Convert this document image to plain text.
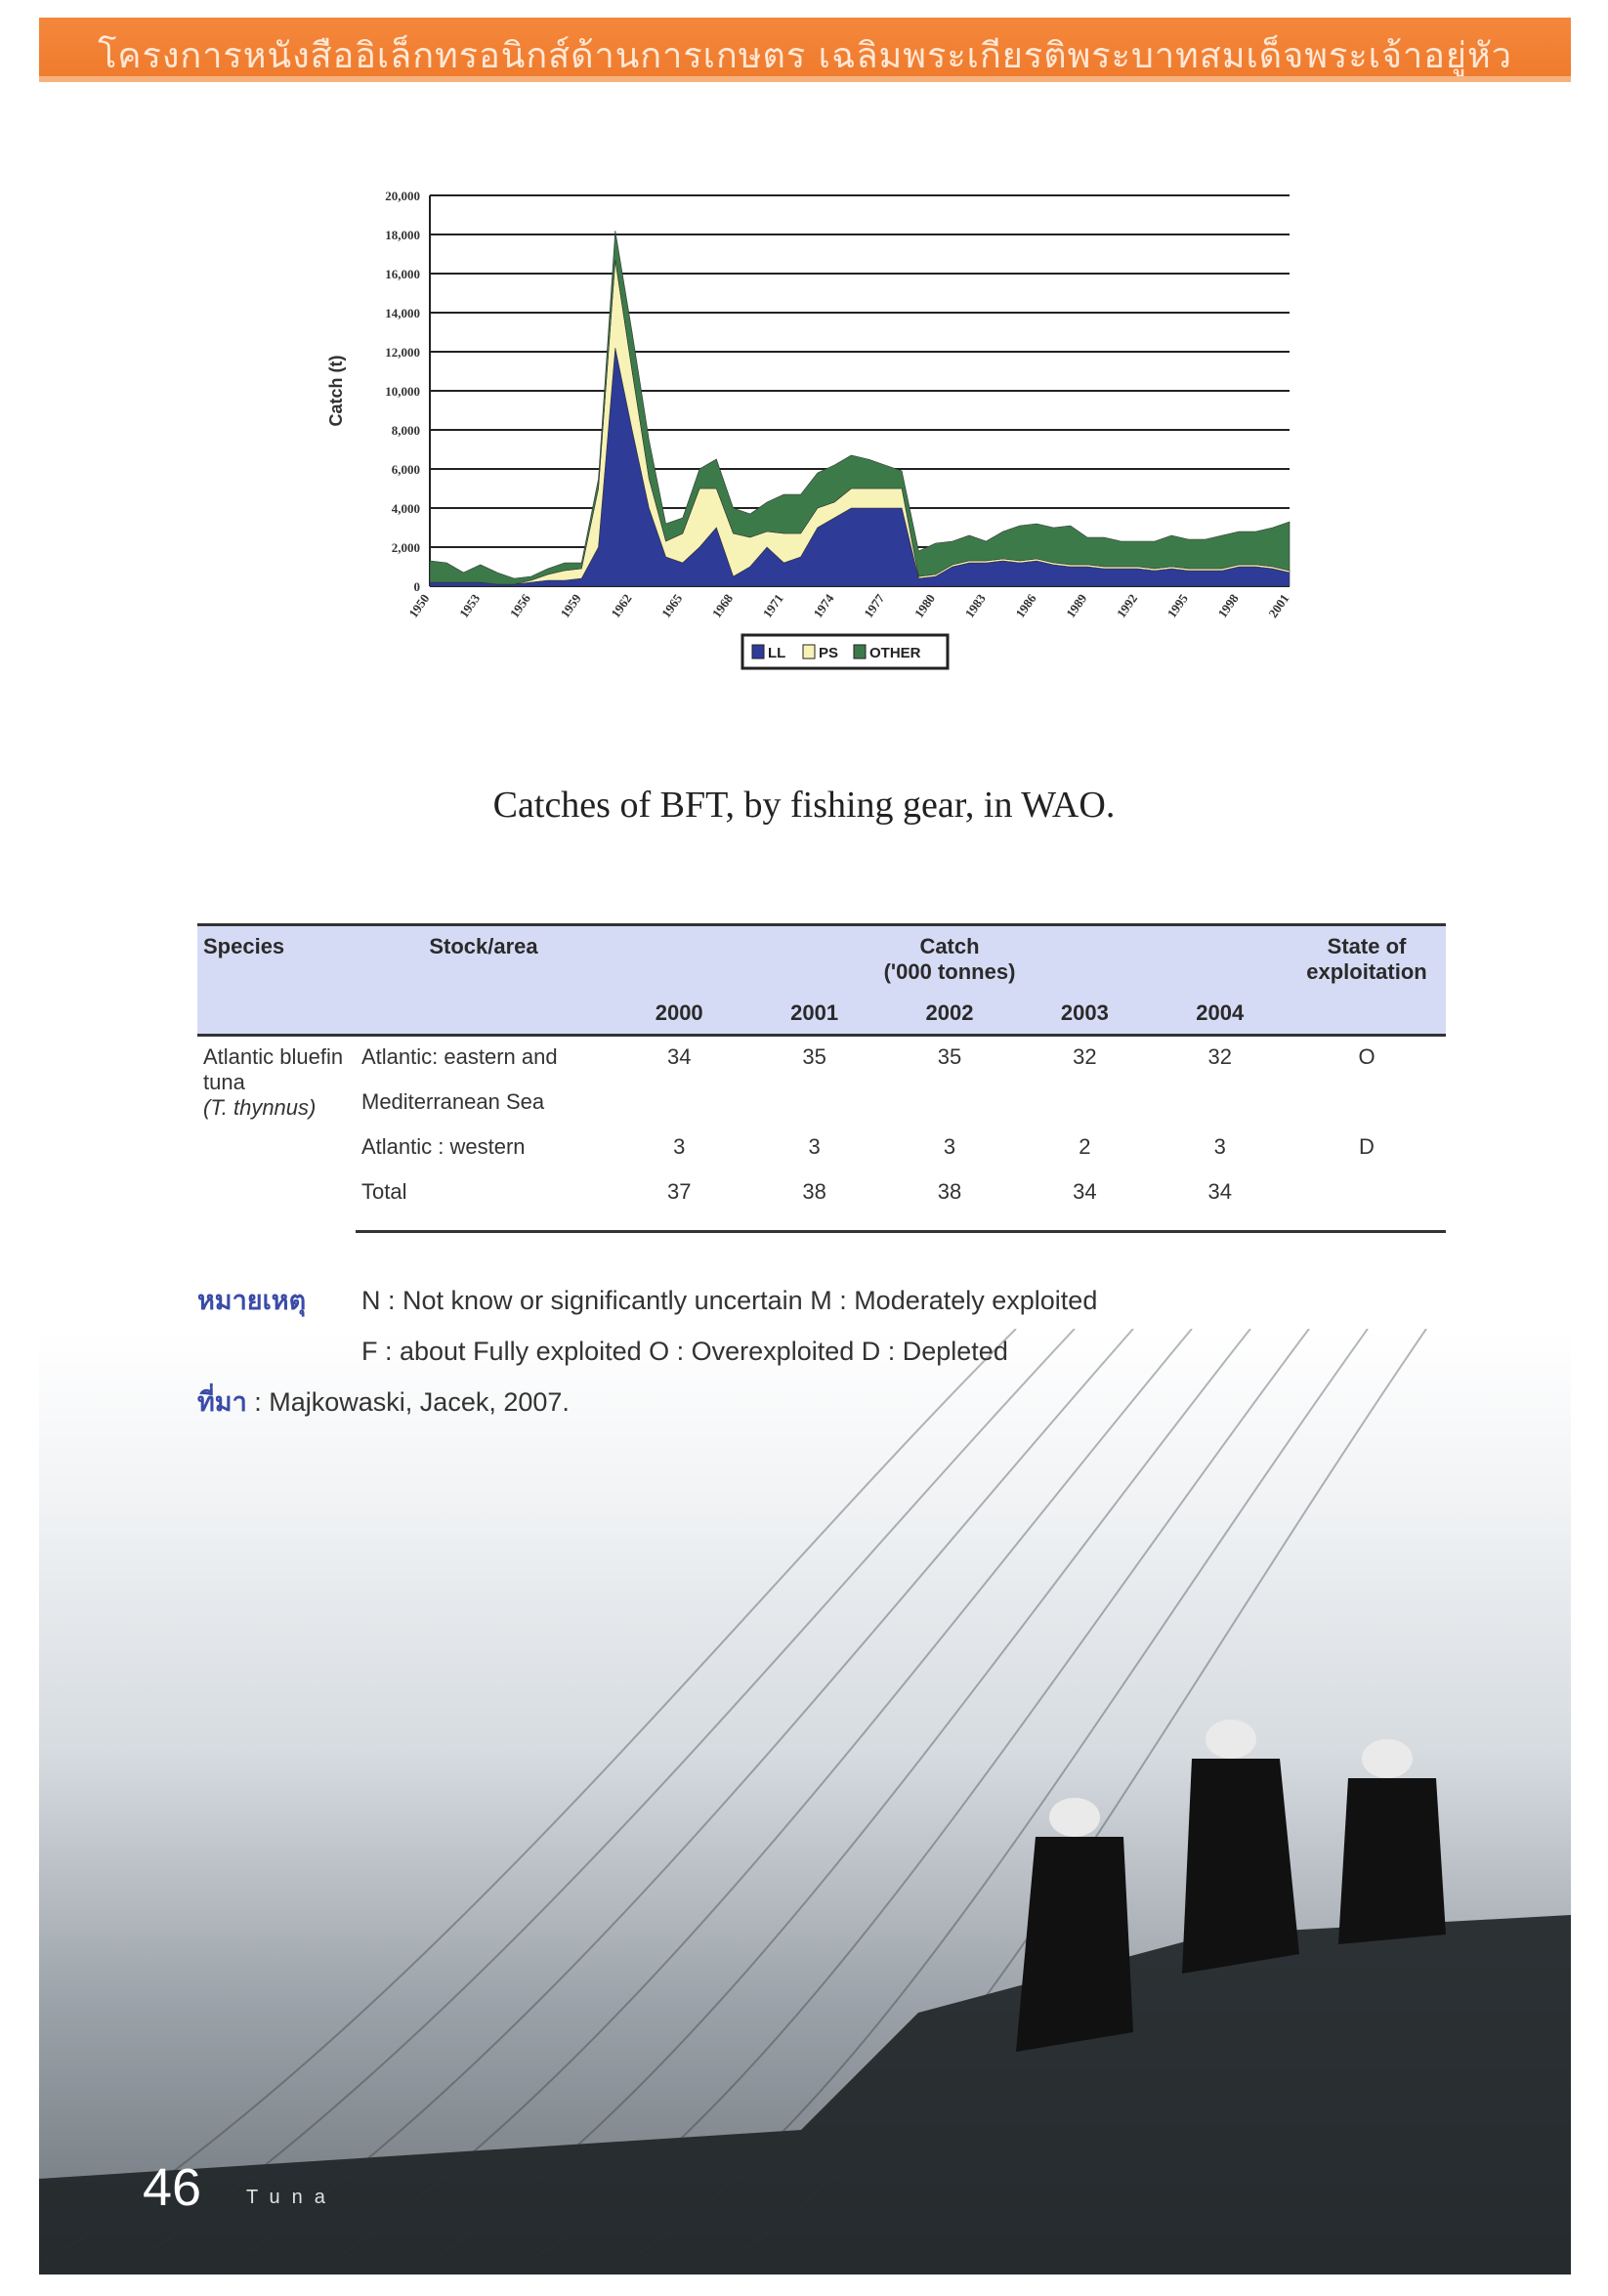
โครงการหนังสืออิเล็กทรอนิกส์ด้านการเกษตร เฉลิมพระเกียรติพระบาทสมเด็จพระเจ้าอยู่หัว
0
2,000
4,000
6,000
8,000
10,000
12,000
14,000
16,000
18,000
20,000
Catch (t)
1950 1953 1956 1959 1962 1965 1968 1971 1974 1977 1980 1983 1986 1989 1992 1995 1998 2001
LL PS OTHER
Catches of BFT, by fishing gear, in WAO.
Species	Stock/area	Catch
('000 tonnes)					State of exploitation
		2000	2001	2002	2003	2004	
Atlantic bluefin tuna
(T. thynnus)	Atlantic: eastern and	34	35	35	32	32	O
	Mediterranean Sea						
	Atlantic : western	3	3	3	2	3	D
	Total	37	38	38	34	34	
หมายเหตุ N : Not know or significantly uncertain M : Moderately exploited
F : about Fully exploited O : Overexploited D : Depleted
ที่มา : Majkowaski, Jacek, 2007.
46 Tuna
